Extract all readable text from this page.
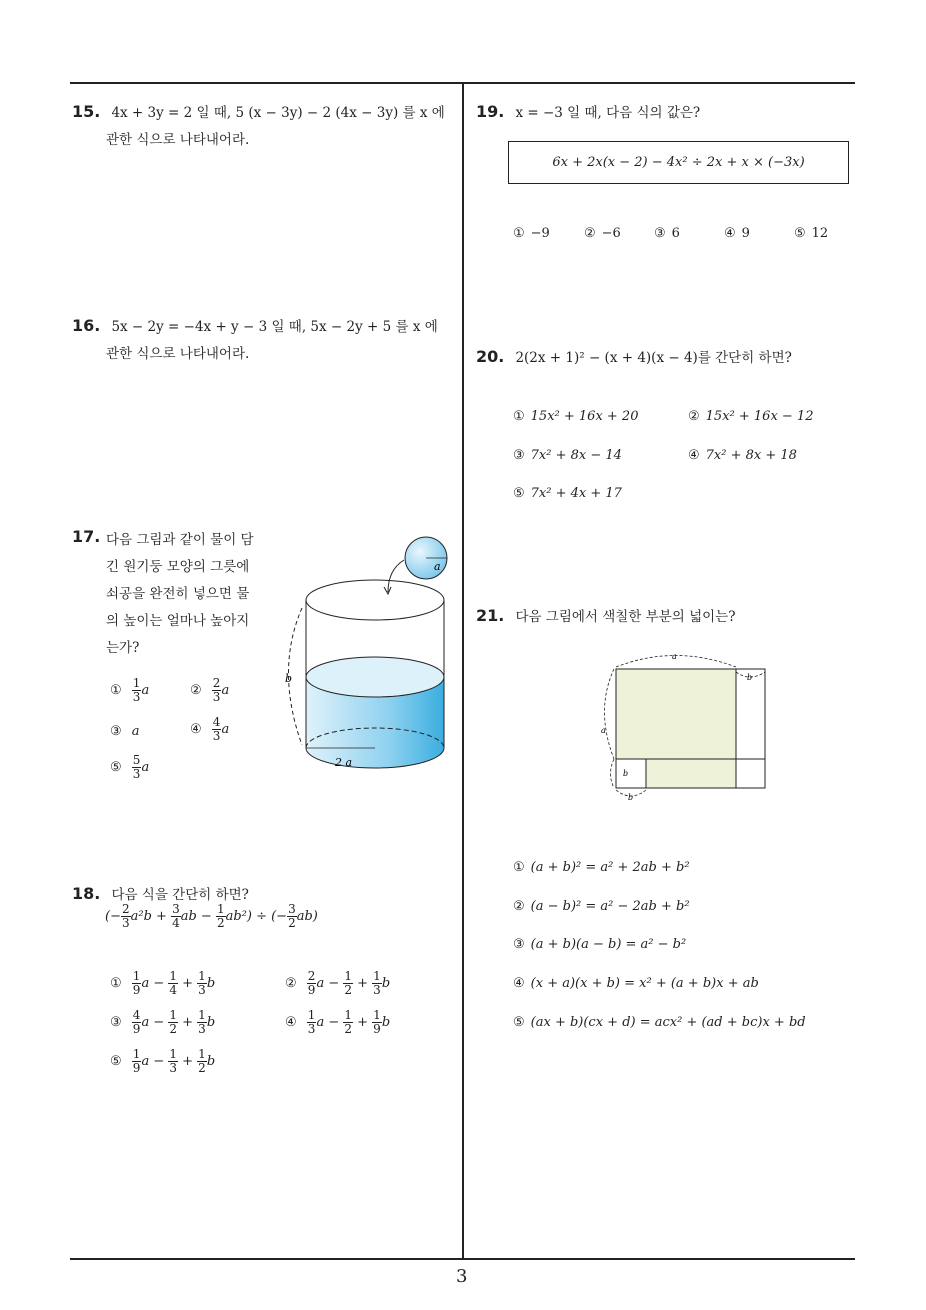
3
15. 4x + 3y = 2 일 때, 5 (x − 3y) − 2 (4x − 3y) 를 x 에
관한 식으로 나타내어라.
16. 5x − 2y = −4x + y − 3 일 때, 5x − 2y + 5 를 x 에
관한 식으로 나타내어라.
17. 다음 그림과 같이 물이 담
긴 원기둥 모양의 그릇에
쇠공을 완전히 넣으면 물
의 높이는 얼마나 높아지
는가?
① $\frac{1}{3}$ a	② $\frac{2}{3}$ a
③ a	④ $\frac{4}{3}$ a
⑤ $\frac{5}{3}$ a
a
2 a
b
18. 다음 식을 간단히 하면?
(− $\frac{2}{3} a^2b + \frac{3}{4}$ ab − $\frac{1}{2} ab^2$) ÷ (− $\frac{3}{2} ab$)
① $\frac{1}{9}$ $a - \frac{1}{4} + \frac{1}{3}$ b	② $\frac{2}{9}$ $a - \frac{1}{2} + \frac{1}{3}$ b
③ $\frac{4}{9}$ $a - \frac{1}{2} + \frac{1}{3}$ b	④ $\frac{1}{3}$ $a - \frac{1}{2} + \frac{1}{9}$ b
⑤ $\frac{1}{9}$ $a - \frac{1}{3} + \frac{1}{2}$ b
19. x = −3 일 때, 다음 식의 값은?
6x + 2x(x − 2) − 4x² ÷ 2x + x × (−3x)
① −9	② −6	③ 6	④ 9	⑤ 12
20. 2(2x + 1)² − (x + 4)(x − 4)를 간단히 하면?
① 15x² + 16x + 20	② 15x² + 16x − 12
③ 7x² + 8x − 14	④ 7x² + 8x + 18
⑤ 7x² + 4x + 17
21. 다음 그림에서 색칠한 부분의 넓이는?
a
b
a
b
b
① (a + b)² = a² + 2ab + b²
② (a − b)² = a² − 2ab + b²
③ (a + b)(a − b) = a² − b²
④ (x + a)(x + b) = x² + (a + b)x + ab
⑤ (ax + b)(cx + d) = acx² + (ad + bc)x + bd
